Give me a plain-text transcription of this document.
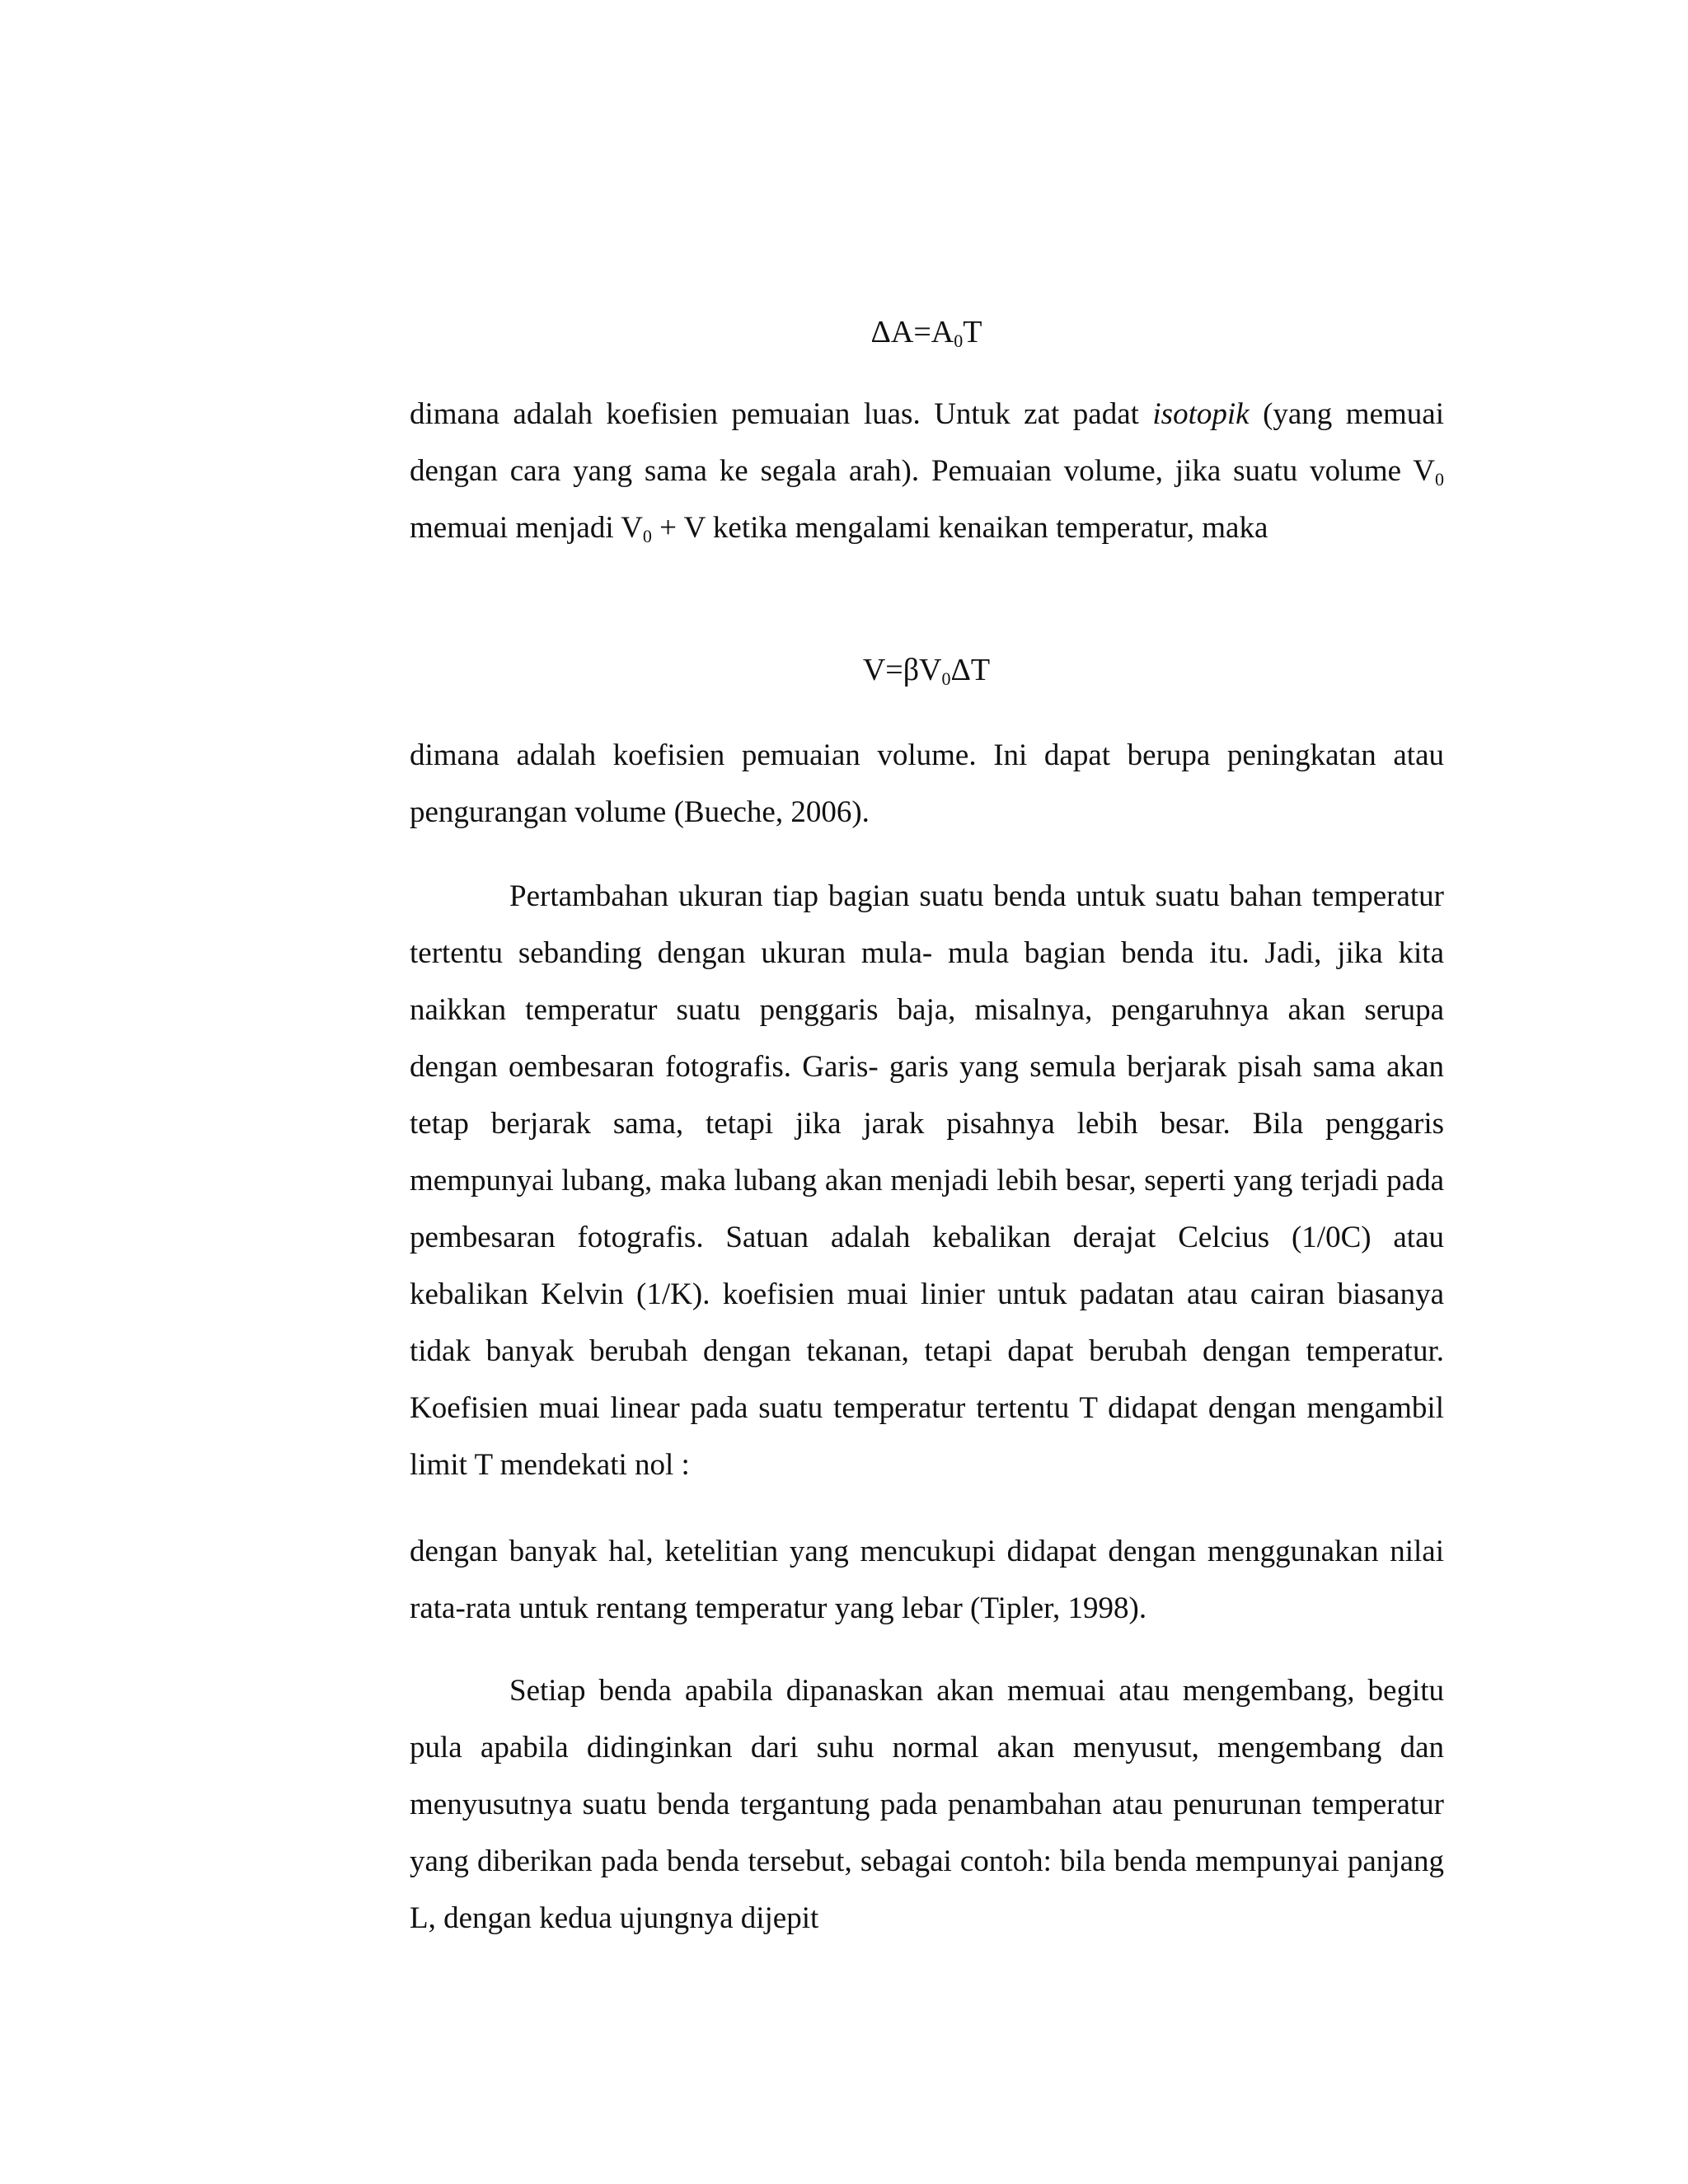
$\Delta A=A_0T$
dimana adalah koefisien pemuaian luas. Untuk zat padat isotopik (yang memuai dengan cara yang sama ke segala arah). Pemuaian volume, jika suatu volume $V_0$ memuai menjadi $V_0 + V$ ketika mengalami kenaikan temperatur, maka
$V=\beta V_0\Delta T$
dimana adalah koefisien pemuaian volume. Ini dapat berupa peningkatan atau pengurangan volume (Bueche, 2006).
Pertambahan ukuran tiap bagian suatu benda untuk suatu bahan temperatur tertentu sebanding dengan ukuran mula- mula bagian benda itu. Jadi, jika kita naikkan temperatur suatu penggaris baja, misalnya, pengaruhnya akan serupa dengan oembesaran fotografis. Garis- garis yang semula berjarak pisah sama akan tetap berjarak sama, tetapi jika jarak pisahnya lebih besar. Bila penggaris mempunyai lubang, maka lubang akan menjadi lebih besar, seperti yang terjadi pada pembesaran fotografis. Satuan adalah kebalikan derajat Celcius (1/0C) atau kebalikan Kelvin (1/K). koefisien muai linier untuk padatan atau cairan biasanya tidak banyak berubah dengan tekanan, tetapi dapat berubah dengan temperatur. Koefisien muai linear pada suatu temperatur tertentu T didapat dengan mengambil limit T mendekati nol :
dengan banyak hal, ketelitian yang mencukupi didapat dengan menggunakan nilai rata-rata untuk rentang temperatur yang lebar (Tipler, 1998).
Setiap benda apabila dipanaskan akan memuai atau mengembang, begitu pula apabila didinginkan dari suhu normal akan menyusut, mengembang dan menyusutnya suatu benda tergantung pada penambahan atau penurunan temperatur yang diberikan pada benda tersebut, sebagai contoh: bila benda mempunyai panjang L, dengan kedua ujungnya dijepit
